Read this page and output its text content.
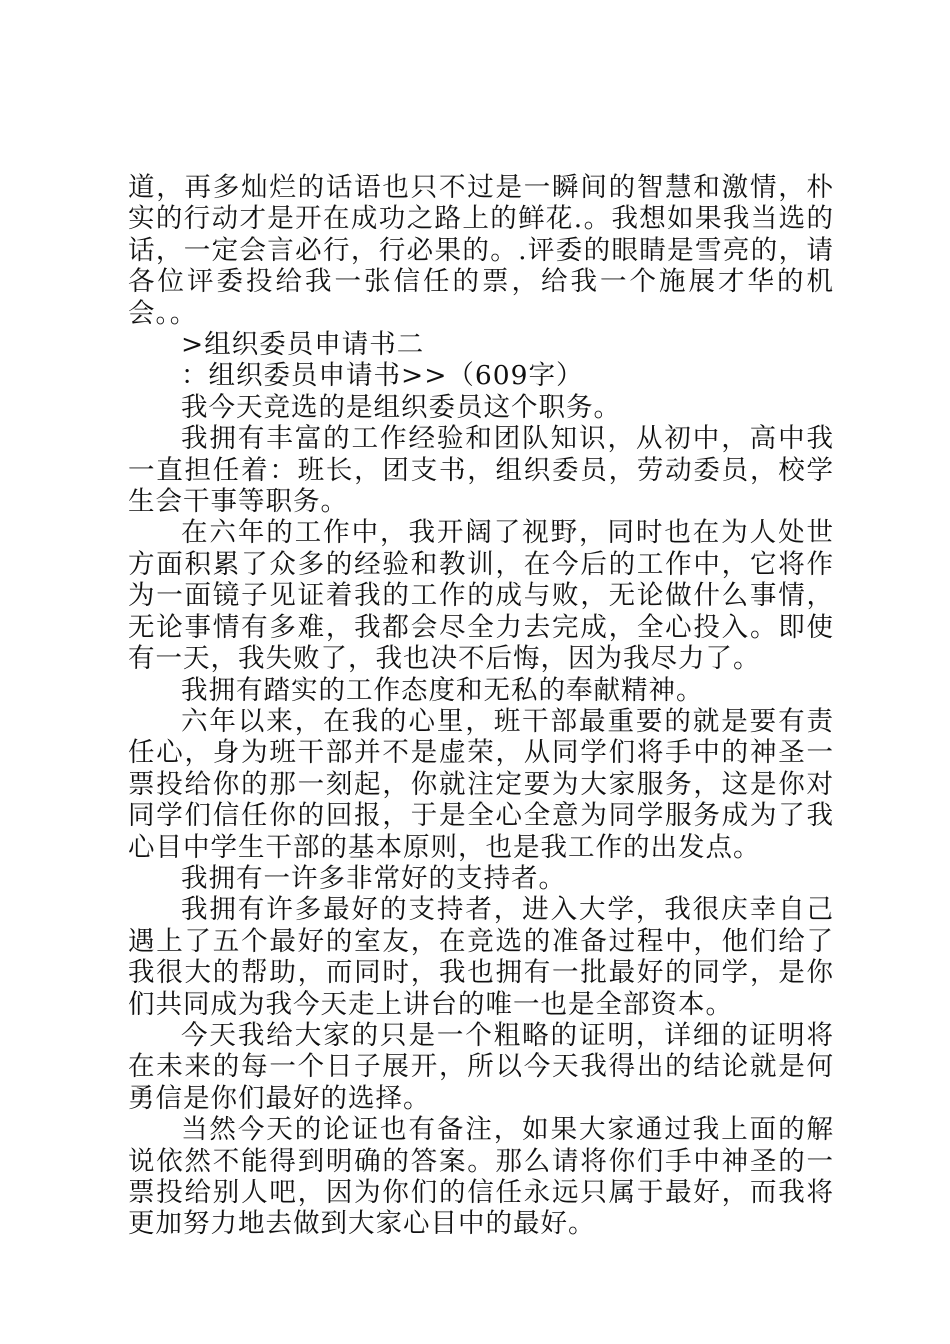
道，再多灿烂的话语也只不过是一瞬间的智慧和激情，朴实的行动才是开在成功之路上的鲜花.。我想如果我当选的话，一定会言必行，行必果的。.评委的眼睛是雪亮的，请各位评委投给我一张信任的票，给我一个施展才华的机会。。

>组织委员申请书二

：组织委员申请书>>（609字）

我今天竞选的是组织委员这个职务。

我拥有丰富的工作经验和团队知识，从初中，高中我一直担任着：班长，团支书，组织委员，劳动委员，校学生会干事等职务。

在六年的工作中，我开阔了视野，同时也在为人处世方面积累了众多的经验和教训，在今后的工作中，它将作为一面镜子见证着我的工作的成与败，无论做什么事情，无论事情有多难，我都会尽全力去完成，全心投入。即使有一天，我失败了，我也决不后悔，因为我尽力了。

我拥有踏实的工作态度和无私的奉献精神。

六年以来，在我的心里，班干部最重要的就是要有责任心，身为班干部并不是虚荣，从同学们将手中的神圣一票投给你的那一刻起，你就注定要为大家服务，这是你对同学们信任你的回报，于是全心全意为同学服务成为了我心目中学生干部的基本原则，也是我工作的出发点。

我拥有一许多非常好的支持者。

我拥有许多最好的支持者，进入大学，我很庆幸自己遇上了五个最好的室友，在竞选的准备过程中，他们给了我很大的帮助，而同时，我也拥有一批最好的同学，是你们共同成为我今天走上讲台的唯一也是全部资本。

今天我给大家的只是一个粗略的证明，详细的证明将在未来的每一个日子展开，所以今天我得出的结论就是何勇信是你们最好的选择。

当然今天的论证也有备注，如果大家通过我上面的解说依然不能得到明确的答案。那么请将你们手中神圣的一票投给别人吧，因为你们的信任永远只属于最好，而我将更加努力地去做到大家心目中的最好。
